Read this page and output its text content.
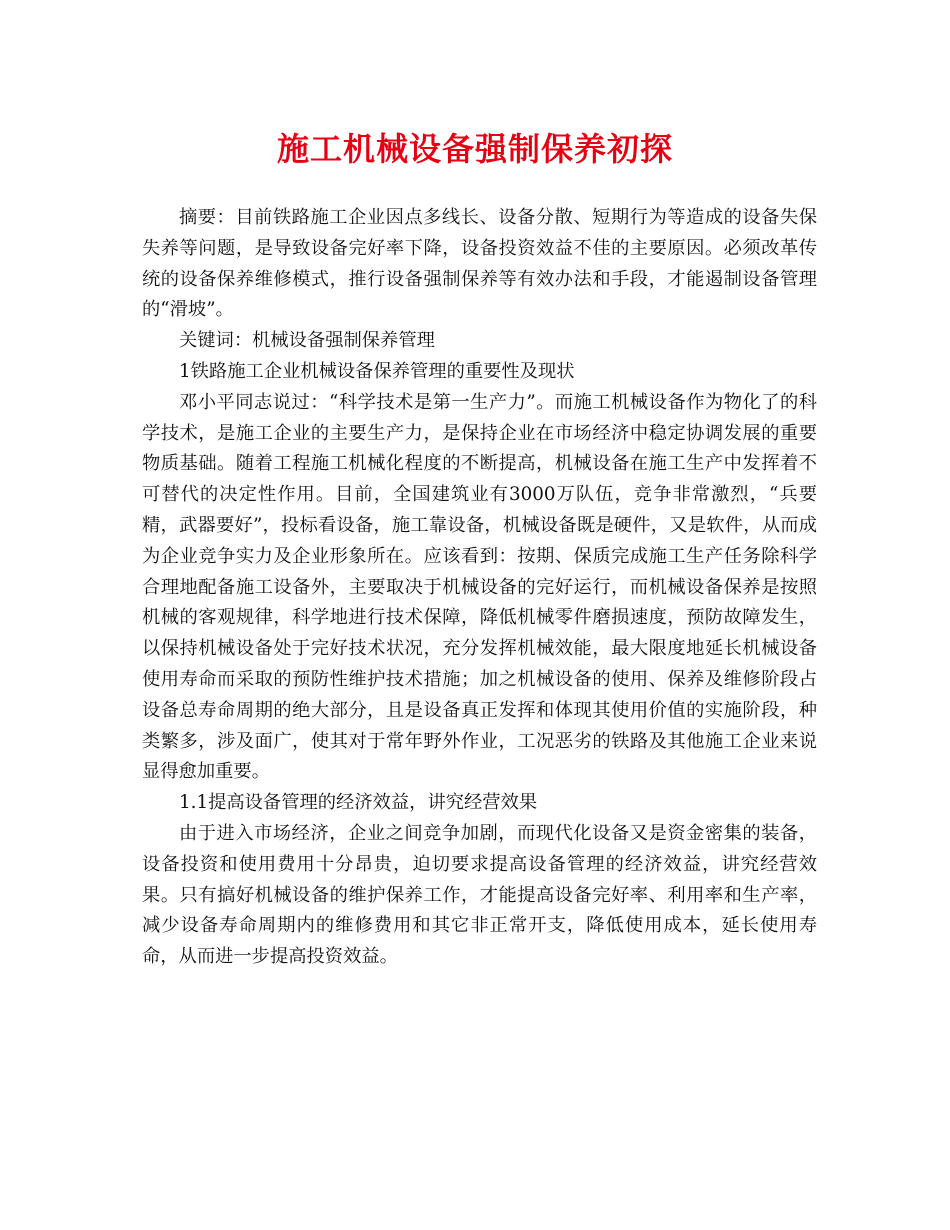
施工机械设备强制保养初探

摘要：目前铁路施工企业因点多线长、设备分散、短期行为等造成的设备失保失养等问题，是导致设备完好率下降，设备投资效益不佳的主要原因。必须改革传统的设备保养维修模式，推行设备强制保养等有效办法和手段，才能遏制设备管理的“滑坡”。

关键词：机械设备强制保养管理

1铁路施工企业机械设备保养管理的重要性及现状

邓小平同志说过：“科学技术是第一生产力”。而施工机械设备作为物化了的科学技术，是施工企业的主要生产力，是保持企业在市场经济中稳定协调发展的重要物质基础。随着工程施工机械化程度的不断提高，机械设备在施工生产中发挥着不可替代的决定性作用。目前，全国建筑业有3000万队伍，竞争非常激烈，“兵要精，武器要好”，投标看设备，施工靠设备，机械设备既是硬件，又是软件，从而成为企业竞争实力及企业形象所在。应该看到：按期、保质完成施工生产任务除科学合理地配备施工设备外，主要取决于机械设备的完好运行，而机械设备保养是按照机械的客观规律，科学地进行技术保障，降低机械零件磨损速度，预防故障发生，以保持机械设备处于完好技术状况，充分发挥机械效能，最大限度地延长机械设备使用寿命而采取的预防性维护技术措施；加之机械设备的使用、保养及维修阶段占设备总寿命周期的绝大部分，且是设备真正发挥和体现其使用价值的实施阶段，种类繁多，涉及面广，使其对于常年野外作业，工况恶劣的铁路及其他施工企业来说显得愈加重要。

1.1提高设备管理的经济效益，讲究经营效果

由于进入市场经济，企业之间竞争加剧，而现代化设备又是资金密集的装备，设备投资和使用费用十分昂贵，迫切要求提高设备管理的经济效益，讲究经营效果。只有搞好机械设备的维护保养工作，才能提高设备完好率、利用率和生产率，减少设备寿命周期内的维修费用和其它非正常开支，降低使用成本，延长使用寿命，从而进一步提高投资效益。
